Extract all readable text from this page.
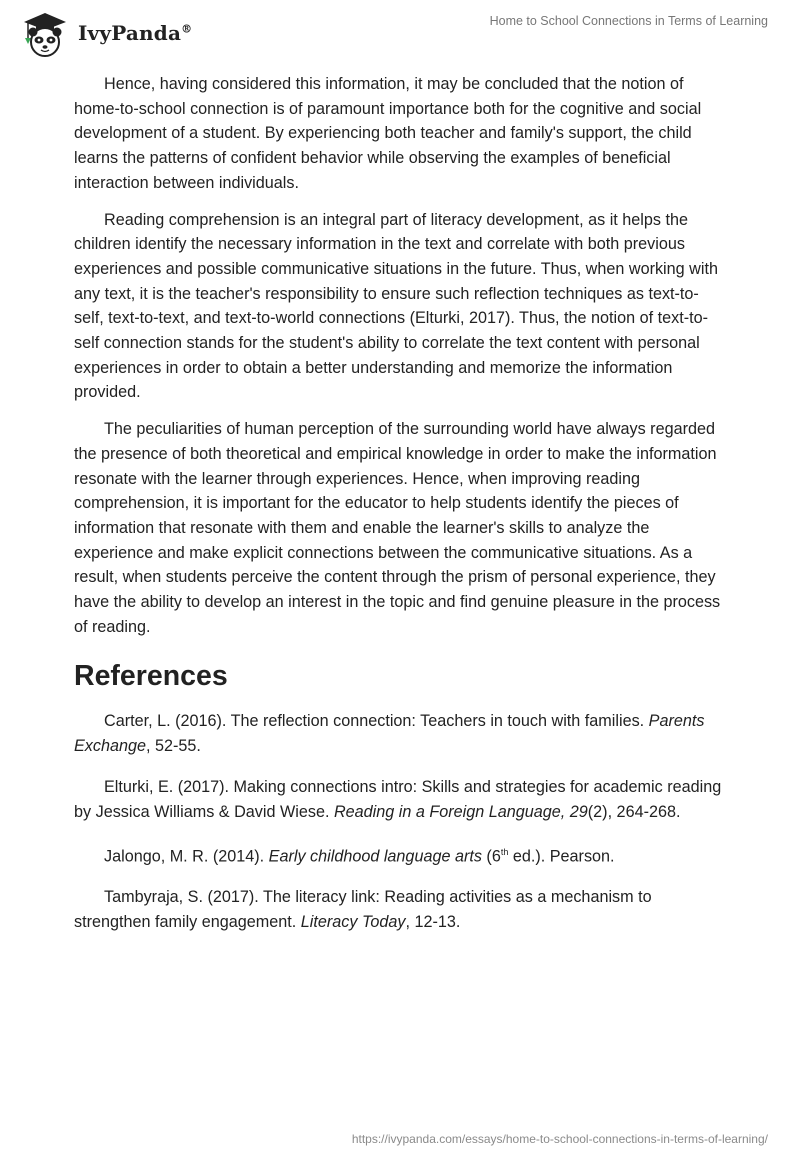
IvyPanda®
Home to School Connections in Terms of Learning

Hence, having considered this information, it may be concluded that the notion of home-to-school connection is of paramount importance both for the cognitive and social development of a student. By experiencing both teacher and family's support, the child learns the patterns of confident behavior while observing the examples of beneficial interaction between individuals.

Reading comprehension is an integral part of literacy development, as it helps the children identify the necessary information in the text and correlate with both previous experiences and possible communicative situations in the future. Thus, when working with any text, it is the teacher's responsibility to ensure such reflection techniques as text-to-self, text-to-text, and text-to-world connections (Elturki, 2017). Thus, the notion of text-to-self connection stands for the student's ability to correlate the text content with personal experiences in order to obtain a better understanding and memorize the information provided.

The peculiarities of human perception of the surrounding world have always regarded the presence of both theoretical and empirical knowledge in order to make the information resonate with the learner through experiences. Hence, when improving reading comprehension, it is important for the educator to help students identify the pieces of information that resonate with them and enable the learner's skills to analyze the experience and make explicit connections between the communicative situations. As a result, when students perceive the content through the prism of personal experience, they have the ability to develop an interest in the topic and find genuine pleasure in the process of reading.

References

Carter, L. (2016). The reflection connection: Teachers in touch with families. Parents Exchange, 52-55.

Elturki, E. (2017). Making connections intro: Skills and strategies for academic reading by Jessica Williams & David Wiese. Reading in a Foreign Language, 29(2), 264-268.

Jalongo, M. R. (2014). Early childhood language arts (6th ed.). Pearson.

Tambyraja, S. (2017). The literacy link: Reading activities as a mechanism to strengthen family engagement. Literacy Today, 12-13.

https://ivypanda.com/essays/home-to-school-connections-in-terms-of-learning/
